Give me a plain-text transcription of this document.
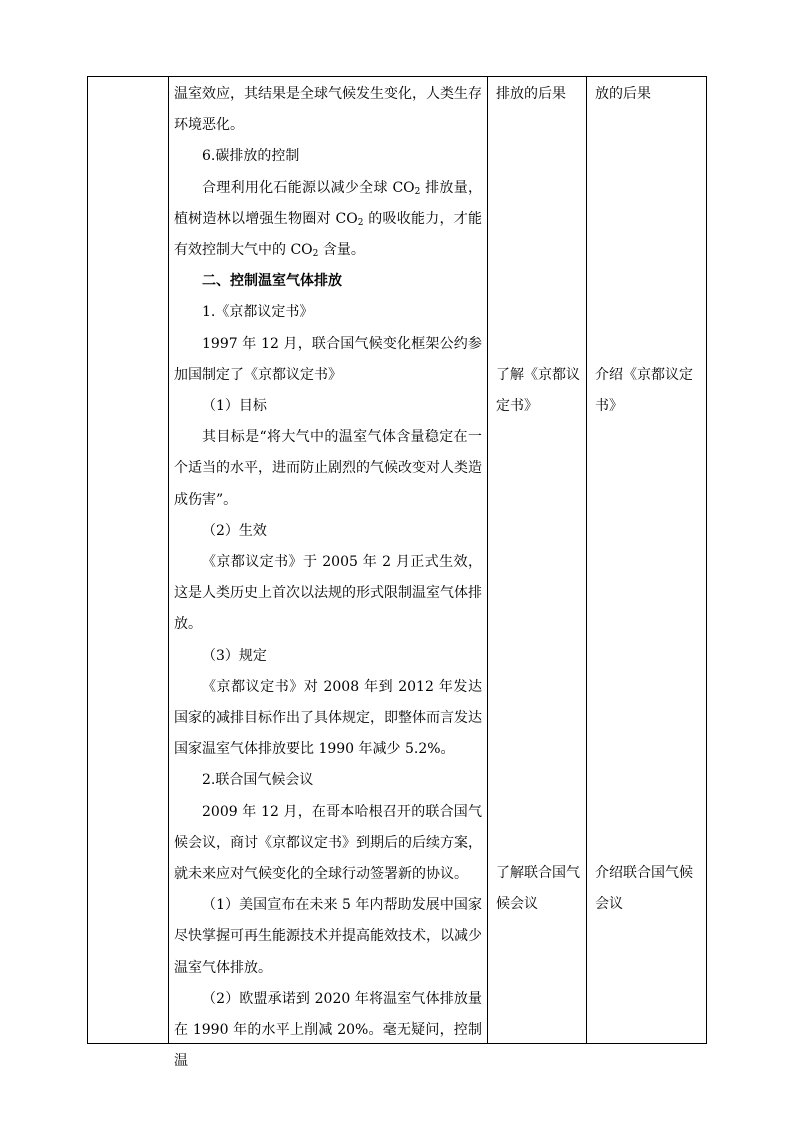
温室效应，其结果是全球气候发生变化，人类生存环境恶化。

6.碳排放的控制

合理利用化石能源以减少全球 $CO_2$ 排放量，植树造林以增强生物圈对 $CO_2$ 的吸收能力，才能有效控制大气中的 $CO_2$ 含量。

二、控制温室气体排放

1.《京都议定书》

1997 年 12 月，联合国气候变化框架公约参加国制定了《京都议定书》

（1）目标

其目标是“将大气中的温室气体含量稳定在一个适当的水平，进而防止剧烈的气候改变对人类造成伤害”。

（2）生效

《京都议定书》于 2005 年 2 月正式生效，这是人类历史上首次以法规的形式限制温室气体排放。

（3）规定

《京都议定书》对 2008 年到 2012 年发达国家的减排目标作出了具体规定，即整体而言发达国家温室气体排放要比 1990 年减少 5.2%。

2.联合国气候会议

2009 年 12 月，在哥本哈根召开的联合国气候会议，商讨《京都议定书》到期后的后续方案，就未来应对气候变化的全球行动签署新的协议。

（1）美国宣布在未来 5 年内帮助发展中国家尽快掌握可再生能源技术并提高能效技术，以减少温室气体排放。

（2）欧盟承诺到 2020 年将温室气体排放量在 1990 年的水平上削减 20%。毫无疑问，控制温

排放的后果

了解《京都议定书》

了解联合国气候会议

放的后果

介绍《京都议定书》

介绍联合国气候会议
